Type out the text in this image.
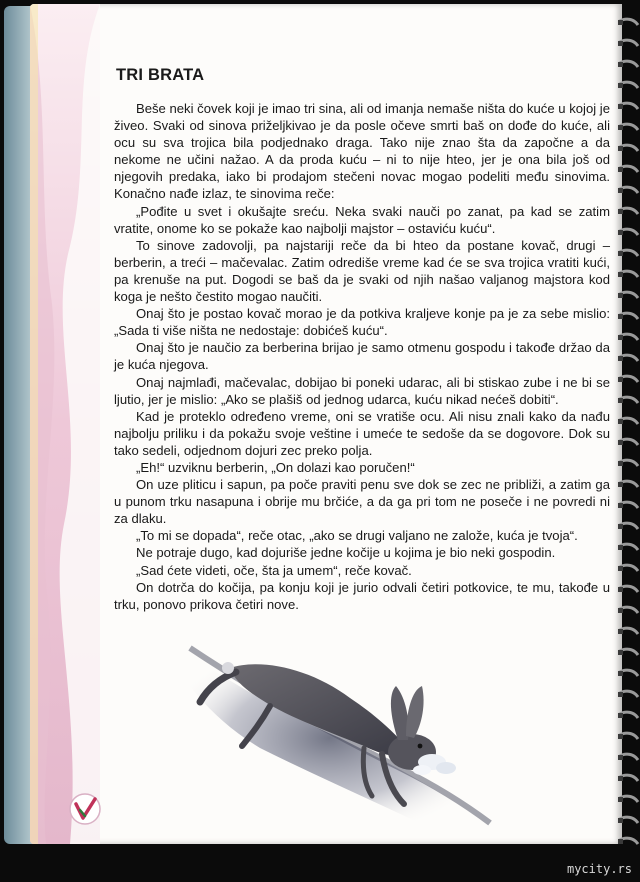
TRI BRATA

Beše neki čovek koji je imao tri sina, ali od imanja nemaše ništa do kuće u kojoj je živeo. Svaki od sinova priželjkivao je da posle očeve smrti baš on dođe do kuće, ali ocu su sva trojica bila podjednako draga. Tako nije znao šta da započne a da nekome ne učini nažao. A da proda kuću – ni to nije hteo, jer je ona bila još od njegovih predaka, iako bi prodajom stečeni novac mogao podeliti među sinovima. Konačno nađe izlaz, te sinovima reče:

„Pođite u svet i okušajte sreću. Neka svaki nauči po zanat, pa kad se zatim vratite, onome ko se pokaže kao najbolji majstor – ostaviću kuću“.

To sinove zadovolji, pa najstariji reče da bi hteo da postane kovač, drugi – berberin, a treći – mačevalac. Zatim odrediše vreme kad će se sva trojica vratiti kući, pa krenuše na put. Dogodi se baš da je svaki od njih našao valjanog majstora kod koga je nešto čestito mogao naučiti.

Onaj što je postao kovač morao je da potkiva kraljeve konje pa je za sebe mislio: „Sada ti više ništa ne nedostaje: dobićeš kuću“.

Onaj što je naučio za berberina brijao je samo otmenu gospodu i takođe držao da je kuća njegova.

Onaj najmlađi, mačevalac, dobijao bi poneki udarac, ali bi stiskao zube i ne bi se ljutio, jer je mislio: „Ako se plašiš od jednog udarca, kuću nikad nećeš dobiti“.

Kad je proteklo određeno vreme, oni se vratiše ocu. Ali nisu znali kako da nađu najbolju priliku i da pokažu svoje veštine i umeće te sedoše da se dogovore. Dok su tako sedeli, odjednom dojuri zec preko polja.

„Eh!“ uzviknu berberin, „On dolazi kao poručen!“

On uze pliticu i sapun, pa poče praviti penu sve dok se zec ne približi, a zatim ga u punom trku nasapuna i obrije mu brčiće, a da ga pri tom ne poseče i ne povredi ni za dlaku.

„To mi se dopada“, reče otac, „ako se drugi valjano ne založe, kuća je tvoja“.

Ne potraje dugo, kad dojuriše jedne kočije u kojima je bio neki gospodin.

„Sad ćete videti, oče, šta ja umem“, reče kovač.

On dotrča do kočija, pa konju koji je jurio odvali četiri potkovice, te mu, takođe u trku, ponovo prikova četiri nove.

mycity.rs
